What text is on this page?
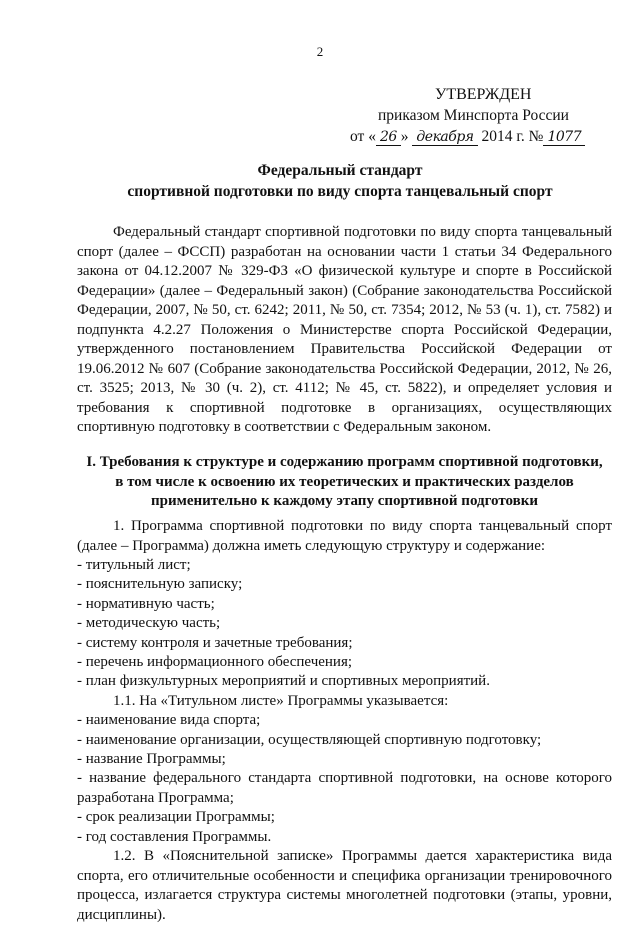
2
УТВЕРЖДЕН
приказом Минспорта России
от « 26 » декабря 2014 г. № 1077
Федеральный стандарт
спортивной подготовки по виду спорта танцевальный спорт

Федеральный стандарт спортивной подготовки по виду спорта танцевальный спорт (далее – ФССП) разработан на основании части 1 статьи 34 Федерального закона от 04.12.2007 № 329-ФЗ «О физической культуре и спорте в Российской Федерации» (далее – Федеральный закон) (Собрание законодательства Российской Федерации, 2007, № 50, ст. 6242; 2011, № 50, ст. 7354; 2012, № 53 (ч. 1), ст. 7582) и подпункта 4.2.27 Положения о Министерстве спорта Российской Федерации, утвержденного постановлением Правительства Российской Федерации от 19.06.2012 № 607 (Собрание законодательства Российской Федерации, 2012, № 26, ст. 3525; 2013, № 30 (ч. 2), ст. 4112; № 45, ст. 5822), и определяет условия и требования к спортивной подготовке в организациях, осуществляющих спортивную подготовку в соответствии с Федеральным законом.

I. Требования к структуре и содержанию программ спортивной подготовки,
в том числе к освоению их теоретических и практических разделов
применительно к каждому этапу спортивной подготовки

1. Программа спортивной подготовки по виду спорта танцевальный спорт (далее – Программа) должна иметь следующую структуру и содержание:

- титульный лист;

- пояснительную записку;

- нормативную часть;

- методическую часть;

- систему контроля и зачетные требования;

- перечень информационного обеспечения;

- план физкультурных мероприятий и спортивных мероприятий.

1.1. На «Титульном листе» Программы указывается:

- наименование вида спорта;

- наименование организации, осуществляющей спортивную подготовку;

- название Программы;

- название федерального стандарта спортивной подготовки, на основе которого разработана Программа;

- срок реализации Программы;

- год составления Программы.

1.2. В «Пояснительной записке» Программы дается характеристика вида спорта, его отличительные особенности и специфика организации тренировочного процесса, излагается структура системы многолетней подготовки (этапы, уровни, дисциплины).
